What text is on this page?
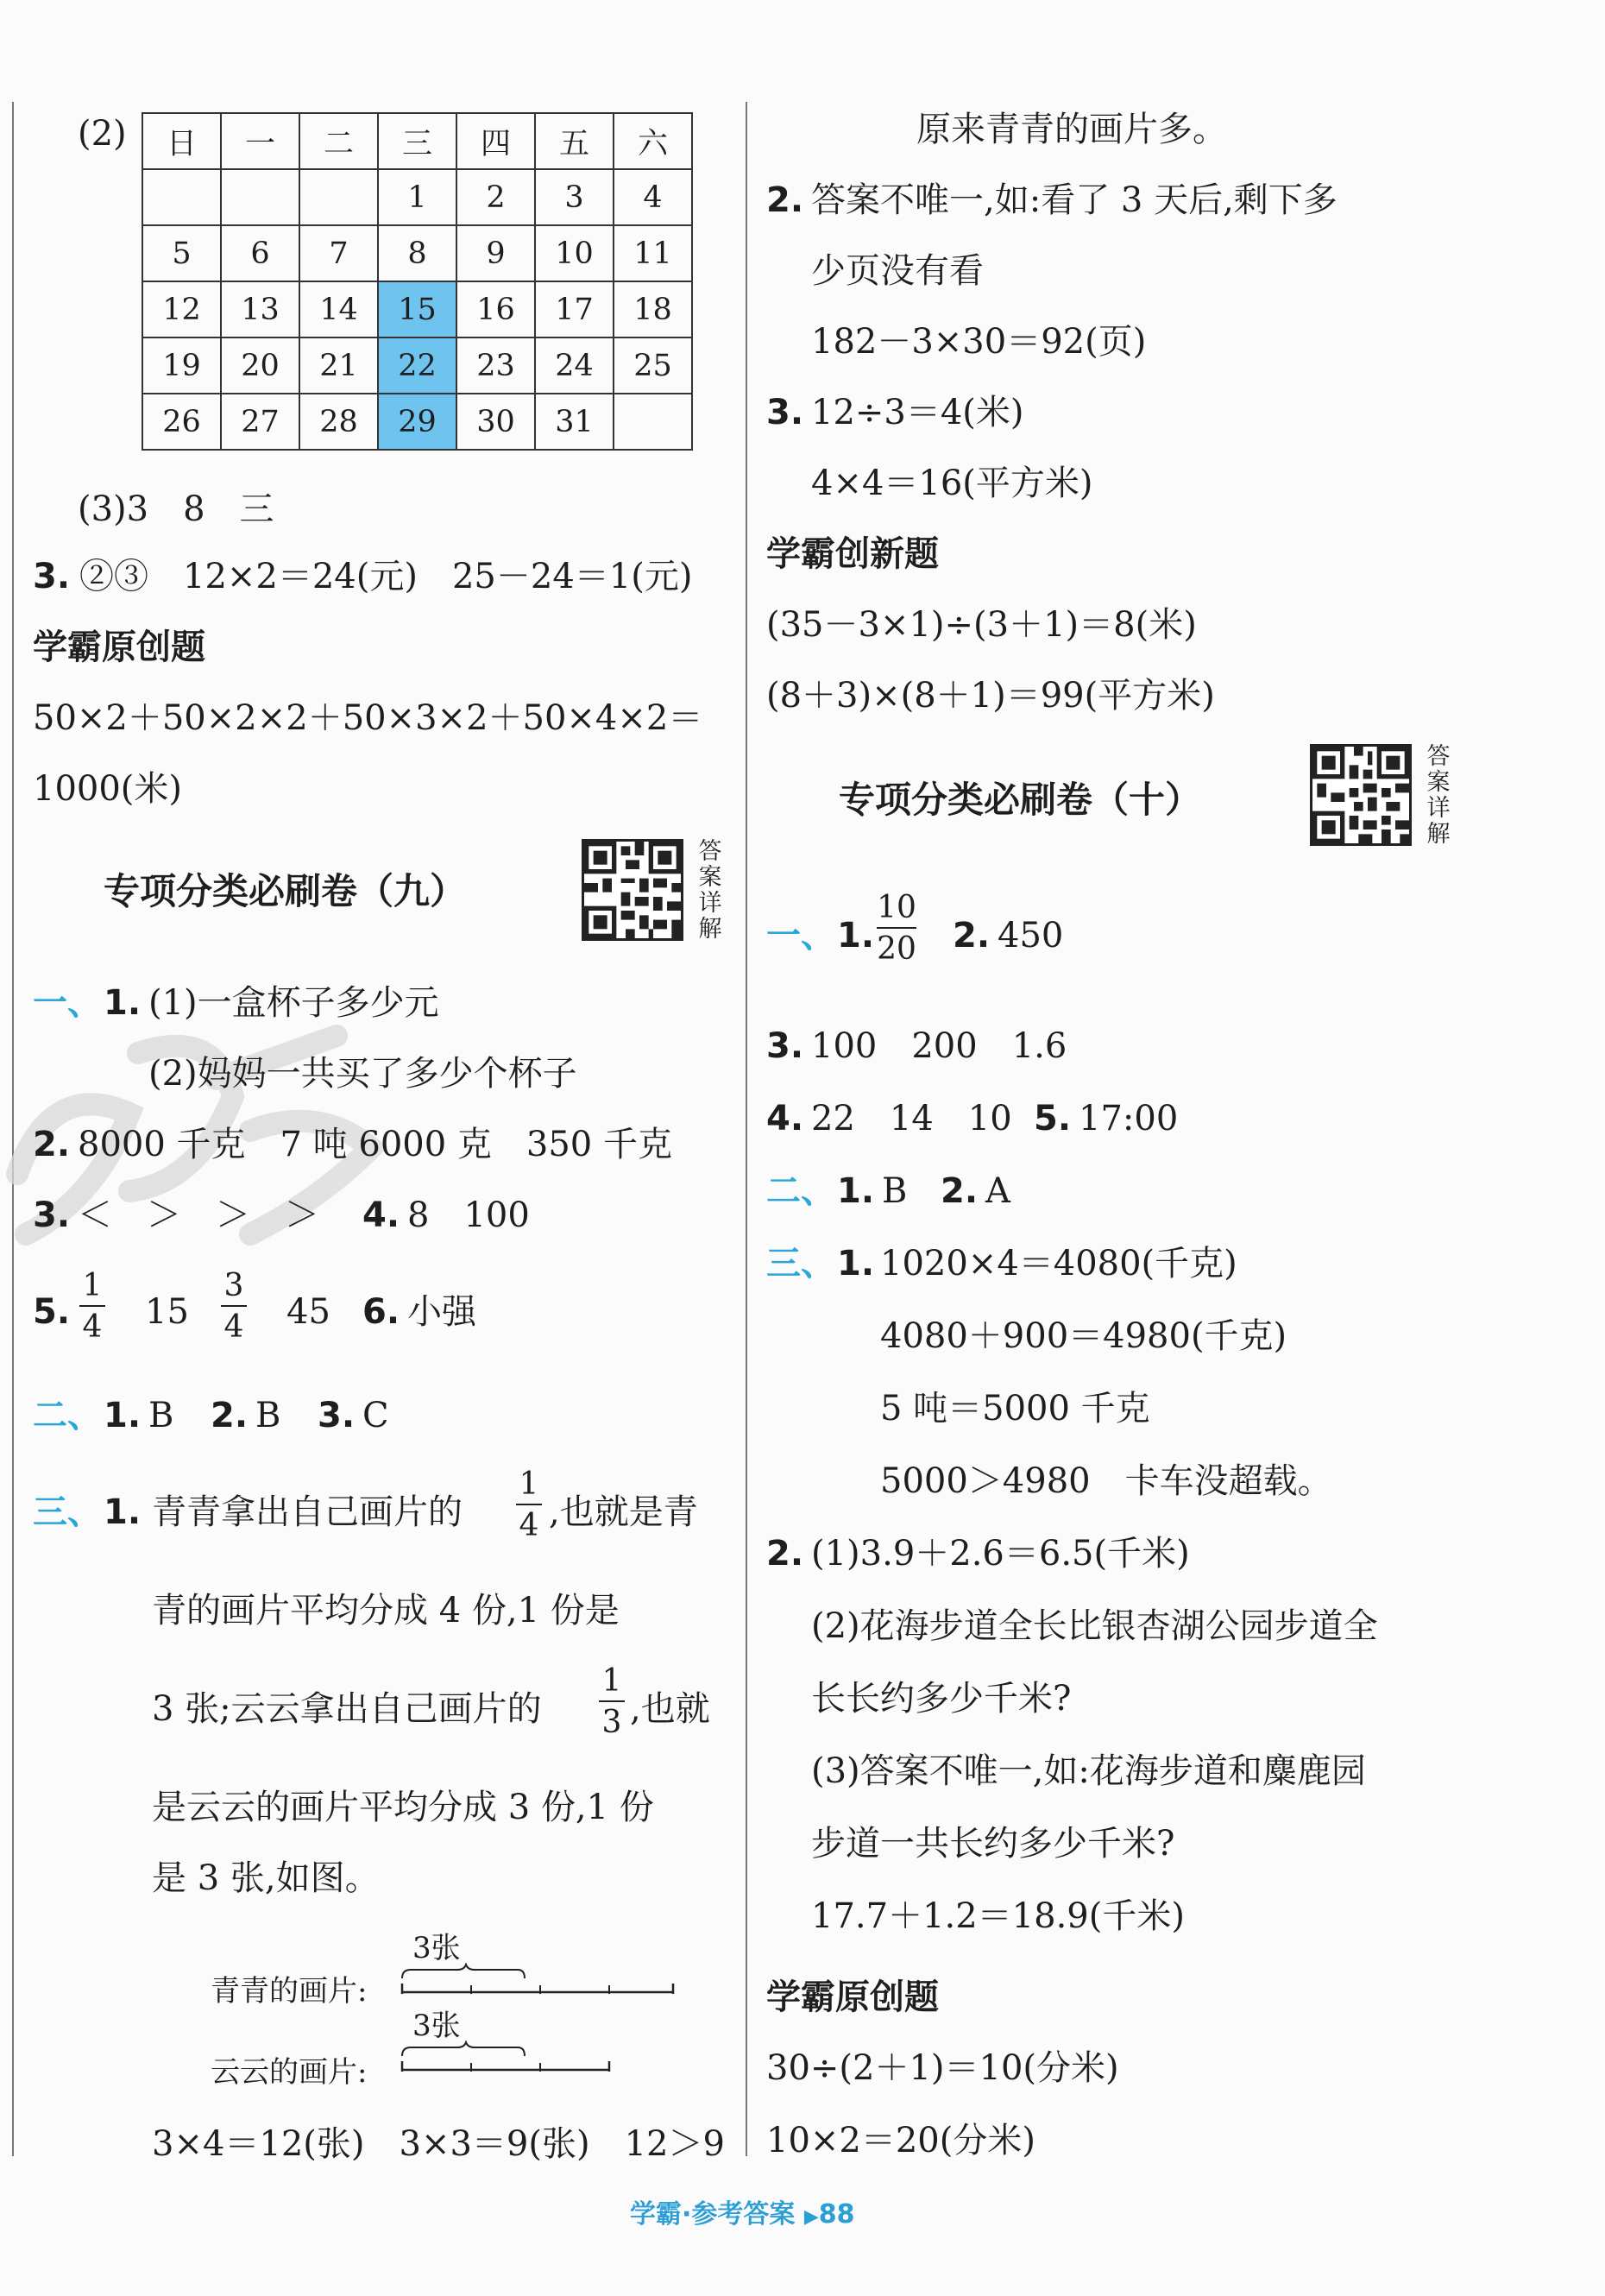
(2) 日	一	二	三	四	五	六
			1	2	3	4
5	6	7	8	9	10	11
12	13	14	15	16	17	18
19	20	21	22	23	24	25
26	27	28	29	30	31	
(3)3　8　三
3. ②③　12×2＝24(元)　25－24＝1(元)
学霸原创题
50×2＋50×2×2＋50×3×2＋50×4×2＝
1000(米)
专项分类必刷卷（九）
答案详解
一、 1. (1)一盒杯子多少元
(2)妈妈一共买了多少个杯子
2. 8000 千克　7 吨 6000 克　350 千克
3. ＜　＞　＞　＞ 4. 8　100
5.
1
4 15
3
4 45 6. 小强
二、 1. B 2. B 3. C
三、 1. 青青拿出自己画片的
1
4 ,也就是青
青的画片平均分成 4 份,1 份是
3 张;云云拿出自己画片的
1
3 ,也就
是云云的画片平均分成 3 份,1 份
是 3 张,如图。
青青的画片:
3张
云云的画片:
3张
3×4＝12(张)　3×3＝9(张)　12＞9
原来青青的画片多。
2. 答案不唯一,如:看了 3 天后,剩下多
少页没有看
182－3×30＝92(页)
3. 12÷3＝4(米)
4×4＝16(平方米)
学霸创新题
(35－3×1)÷(3＋1)＝8(米)
(8＋3)×(8＋1)＝99(平方米)
专项分类必刷卷（十）
答案详解
一、 1.
10
20 2. 450
3. 100　200　1.6
4. 22　14　10 5. 17:00
二、 1. B 2. A
三、 1. 1020×4＝4080(千克)
4080＋900＝4980(千克)
5 吨＝5000 千克
5000＞4980　卡车没超载。
2. (1)3.9＋2.6＝6.5(千米)
(2)花海步道全长比银杏湖公园步道全
长长约多少千米?
(3)答案不唯一,如:花海步道和麋鹿园
步道一共长约多少千米?
17.7＋1.2＝18.9(千米)
学霸原创题
30÷(2＋1)＝10(分米)
10×2＝20(分米)
学霸·参考答案 ▶88
